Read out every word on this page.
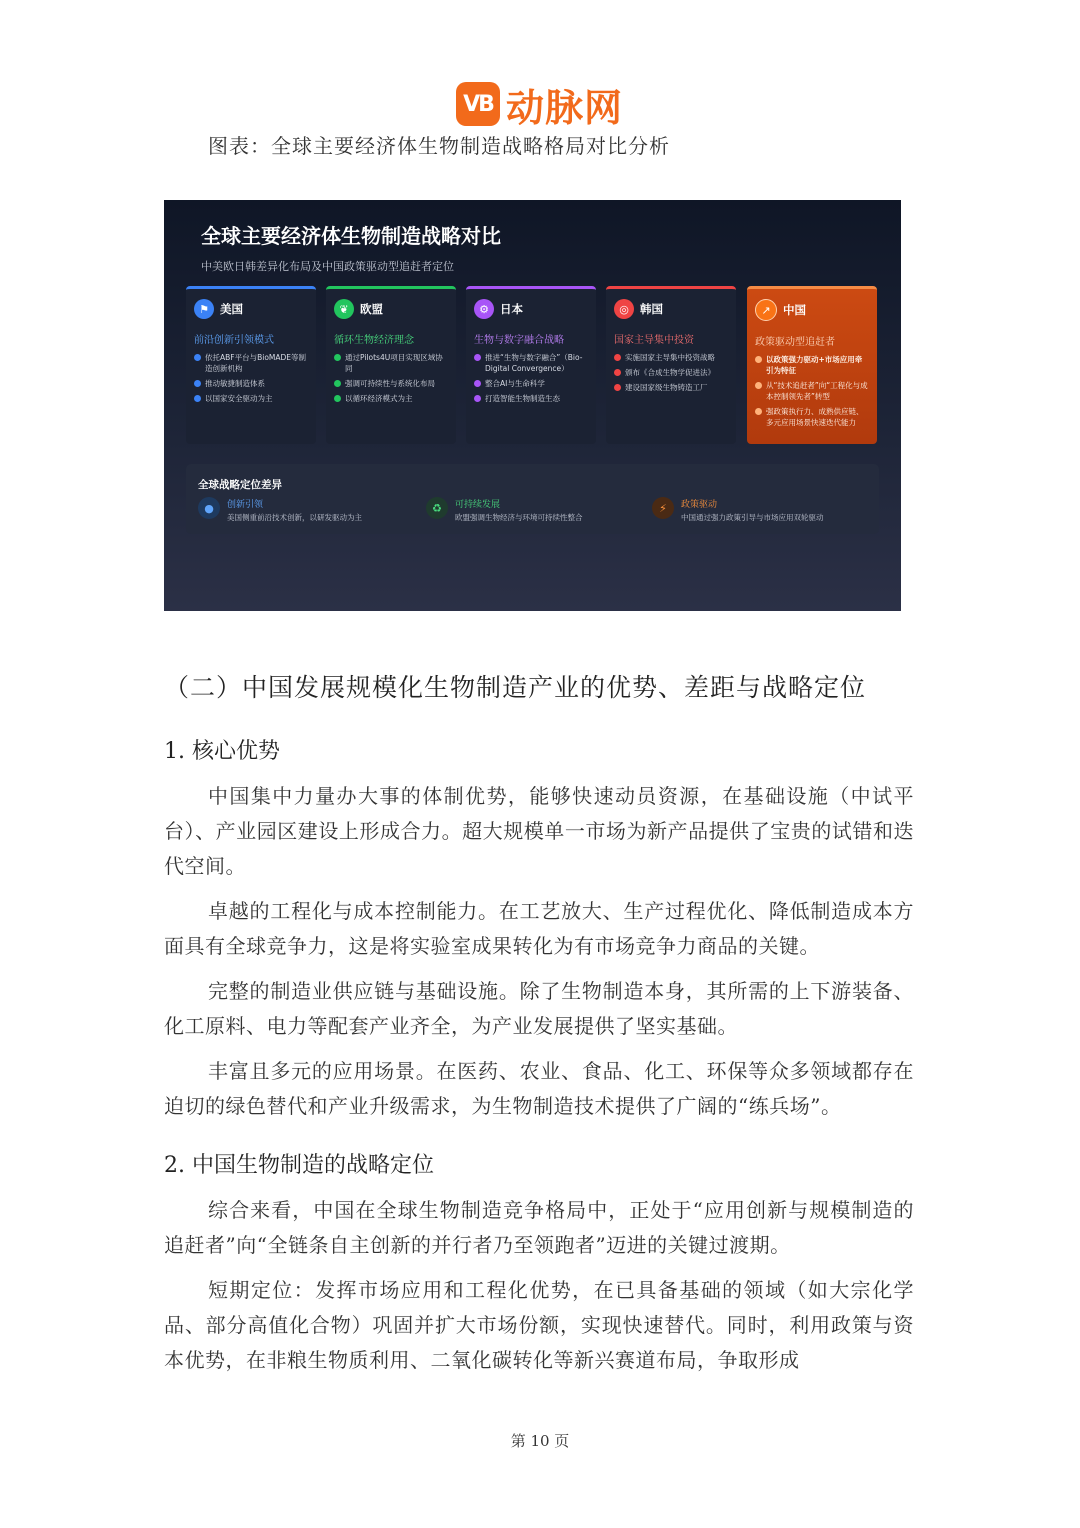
VB 动脉网
图表：全球主要经济体生物制造战略格局对比分析
全球主要经济体生物制造战略对比
中美欧日韩差异化布局及中国政策驱动型追赶者定位
⚑ 美国
前沿创新引领模式
依托ABF平台与BioMADE等制造创新机构
推动敏捷制造体系
以国家安全驱动为主
❦ 欧盟
循环生物经济理念
通过Pilots4U项目实现区域协同
强调可持续性与系统化布局
以循环经济模式为主
⚙ 日本
生物与数字融合战略
推进“生物与数字融合”（Bio-Digital Convergence）
整合AI与生命科学
打造智能生物制造生态
◎ 韩国
国家主导集中投资
实施国家主导集中投资战略
颁布《合成生物学促进法》
建设国家级生物铸造工厂
↗	中国
政策驱动型追赶者
以政策强力驱动+市场应用牵引为特征
从“技术追赶者”向“工程化与成本控制领先者”转型
强政策执行力、成熟供应链、多元应用场景快速迭代能力
全球战略定位差异
●	创新引领
美国侧重前沿技术创新，以研发驱动为主
♻	可持续发展
欧盟强调生物经济与环境可持续性整合
⚡	政策驱动
中国通过强力政策引导与市场应用双轮驱动
（二）中国发展规模化生物制造产业的优势、差距与战略定位
1. 核心优势
中国集中力量办大事的体制优势，能够快速动员资源，在基础设施（中试平台）、产业园区建设上形成合力。超大规模单一市场为新产品提供了宝贵的试错和迭代空间。
卓越的工程化与成本控制能力。在工艺放大、生产过程优化、降低制造成本方面具有全球竞争力，这是将实验室成果转化为有市场竞争力商品的关键。
完整的制造业供应链与基础设施。除了生物制造本身，其所需的上下游装备、化工原料、电力等配套产业齐全，为产业发展提供了坚实基础。
丰富且多元的应用场景。在医药、农业、食品、化工、环保等众多领域都存在迫切的绿色替代和产业升级需求，为生物制造技术提供了广阔的“练兵场”。
2. 中国生物制造的战略定位
综合来看，中国在全球生物制造竞争格局中，正处于“应用创新与规模制造的追赶者”向“全链条自主创新的并行者乃至领跑者”迈进的关键过渡期。
短期定位：发挥市场应用和工程化优势，在已具备基础的领域（如大宗化学品、部分高值化合物）巩固并扩大市场份额，实现快速替代。同时，利用政策与资本优势，在非粮生物质利用、二氧化碳转化等新兴赛道布局，争取形成
第 10 页
